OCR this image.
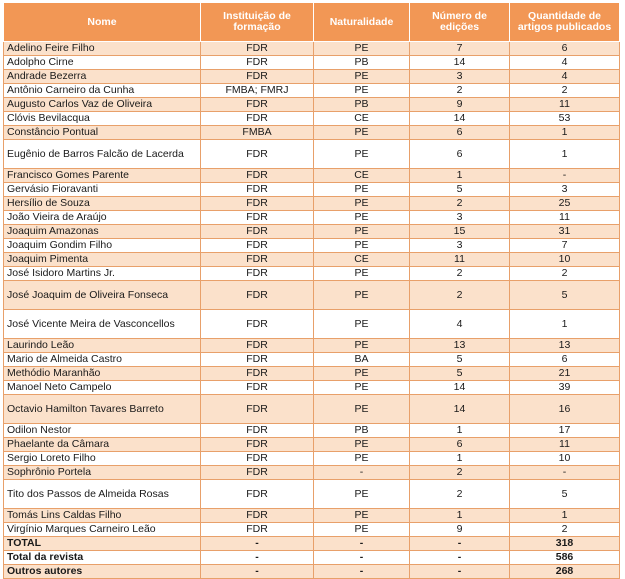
Nome	Instituição de formação	Naturalidade	Número de edições	Quantidade de artigos publicados
Adelino Feire Filho	FDR	PE	7	6
Adolpho Cirne	FDR	PB	14	4
Andrade Bezerra	FDR	PE	3	4
Antônio Carneiro da Cunha	FMBA; FMRJ	PE	2	2
Augusto Carlos Vaz de Oliveira	FDR	PB	9	11
Clóvis Bevilacqua	FDR	CE	14	53
Constâncio Pontual	FMBA	PE	6	1
Eugênio de Barros Falcão de Lacerda	FDR	PE	6	1
Francisco Gomes Parente	FDR	CE	1	-
Gervásio Fioravanti	FDR	PE	5	3
Hersílio de Souza	FDR	PE	2	25
João Vieira de Araújo	FDR	PE	3	11
Joaquim Amazonas	FDR	PE	15	31
Joaquim Gondim Filho	FDR	PE	3	7
Joaquim Pimenta	FDR	CE	11	10
José Isidoro Martins Jr.	FDR	PE	2	2
José Joaquim de Oliveira Fonseca	FDR	PE	2	5
José Vicente Meira de Vasconcellos	FDR	PE	4	1
Laurindo Leão	FDR	PE	13	13
Mario de Almeida Castro	FDR	BA	5	6
Methódio Maranhão	FDR	PE	5	21
Manoel Neto Campelo	FDR	PE	14	39
Octavio Hamilton Tavares Barreto	FDR	PE	14	16
Odilon Nestor	FDR	PB	1	17
Phaelante da Câmara	FDR	PE	6	11
Sergio Loreto Filho	FDR	PE	1	10
Sophrônio Portela	FDR	-	2	-
Tito dos Passos de Almeida Rosas	FDR	PE	2	5
Tomás Lins Caldas Filho	FDR	PE	1	1
Virgínio Marques Carneiro Leão	FDR	PE	9	2
TOTAL	-	-	-	318
Total da revista	-	-	-	586
Outros autores	-	-	-	268
